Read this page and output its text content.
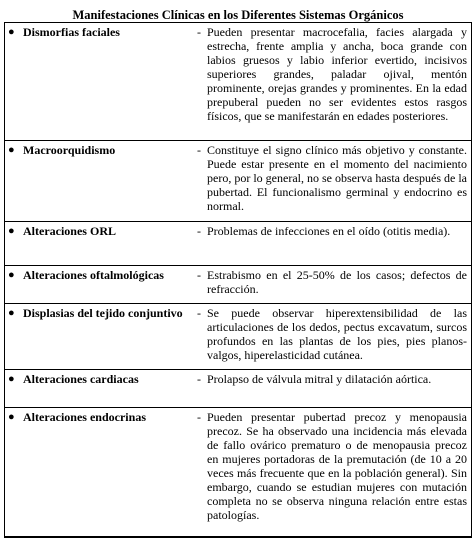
Manifestaciones Clínicas en los Diferentes Sistemas Orgánicos
● Dismorfias faciales	- Pueden presentar macrocefalia, facies alargada y estrecha, frente amplia y ancha, boca grande con labios gruesos y labio inferior evertido, incisivos superiores grandes, paladar ojival, mentón prominente, orejas grandes y prominentes. En la edad prepuberal pueden no ser evidentes estos rasgos físicos, que se manifestarán en edades posteriores.
● Macroorquidismo	- Constituye el signo clínico más objetivo y constante. Puede estar presente en el momento del nacimiento pero, por lo general, no se observa hasta después de la pubertad. El funcionalismo germinal y endocrino es normal.
● Alteraciones ORL	- Problemas de infecciones en el oído (otitis media).
● Alteraciones oftalmológicas	- Estrabismo en el 25-50% de los casos; defectos de refracción.
● Displasias del tejido conjuntivo	- Se puede observar hiperextensibilidad de las articulaciones de los dedos, pectus excavatum, surcos profundos en las plantas de los pies, pies planos-valgos, hiperelasticidad cutánea.
● Alteraciones cardiacas	- Prolapso de válvula mitral y dilatación aórtica.
● Alteraciones endocrinas	- Pueden presentar pubertad precoz y menopausia precoz. Se ha observado una incidencia más elevada de fallo ovárico prematuro o de menopausia precoz en mujeres portadoras de la premutación (de 10 a 20 veces más frecuente que en la población general). Sin embargo, cuando se estudian mujeres con mutación completa no se observa ninguna relación entre estas patologías.
